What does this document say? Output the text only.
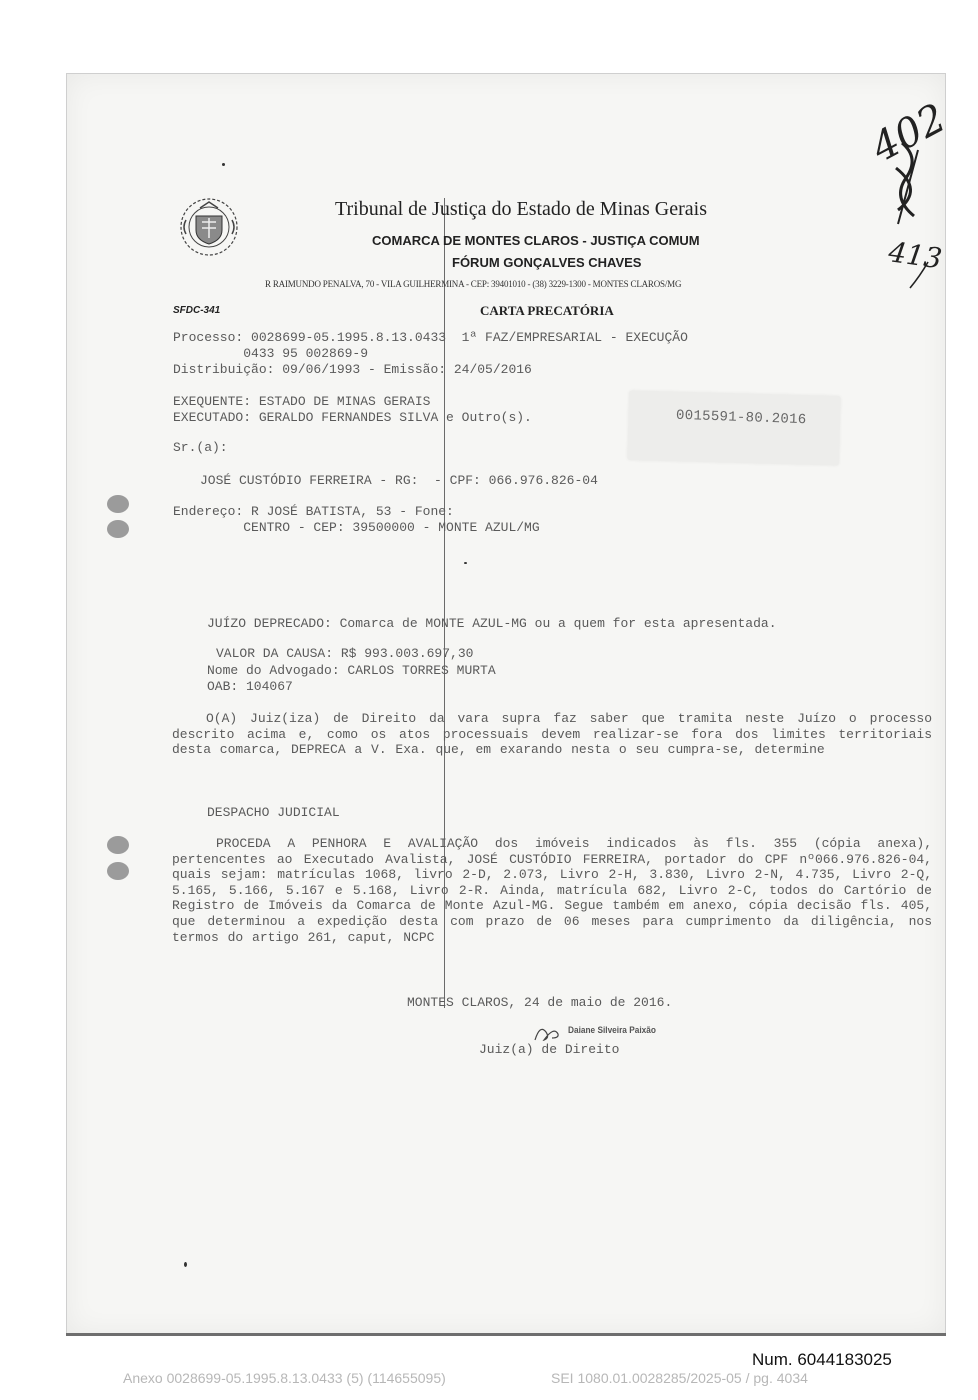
Tribunal de Justiça do Estado de Minas Gerais
COMARCA DE MONTES CLAROS - JUSTIÇA COMUM
FÓRUM GONÇALVES CHAVES
R RAIMUNDO PENALVA, 70 - VILA GUILHERMINA - CEP: 39401010 - (38) 3229-1300 - MONTES CLAROS/MG
SFDC-341	CARTA PRECATÓRIA
Processo: 0028699-05.1995.8.13.0433  1ª FAZ/EMPRESARIAL - EXECUÇÃO
0433 95 002869-9
Distribuição: 09/06/1993 - Emissão: 24/05/2016
EXEQUENTE: ESTADO DE MINAS GERAIS
EXECUTADO: GERALDO FERNANDES SILVA e Outro(s).	0015591-80.2016
Sr.(a):
JOSÉ CUSTÓDIO FERREIRA - RG:  - CPF: 066.976.826-04
Endereço: R JOSÉ BATISTA, 53 - Fone:
CENTRO - CEP: 39500000 - MONTE AZUL/MG
JUÍZO DEPRECADO: Comarca de MONTE AZUL-MG ou a quem for esta apresentada.
VALOR DA CAUSA: R$ 993.003.697,30
Nome do Advogado: CARLOS TORRES MURTA
OAB: 104067
O(A) Juiz(iza) de Direito da vara supra faz saber que tramita neste Juízo o processo descrito acima e, como os atos processuais devem realizar-se fora dos limites territoriais desta comarca, DEPRECA a V. Exa. que, em exarando nesta o seu cumpra-se, determine
DESPACHO JUDICIAL
PROCEDA A PENHORA E AVALIAÇÃO dos imóveis indicados às fls. 355 (cópia anexa), pertencentes ao Executado Avalista, JOSÉ CUSTÓDIO FERREIRA, portador do CPF nº066.976.826-04, quais sejam: matrículas 1068, livro 2-D, 2.073, Livro 2-H, 3.830, Livro 2-N, 4.735, Livro 2-Q, 5.165, 5.166, 5.167 e 5.168, Livro 2-R. Ainda, matrícula 682, Livro 2-C, todos do Cartório de Registro de Imóveis da Comarca de Monte Azul-MG. Segue também em anexo, cópia decisão fls. 405, que determinou a expedição desta com prazo de 06 meses para cumprimento da diligência, nos termos do artigo 261, caput, NCPC
MONTES CLAROS, 24 de maio de 2016.
Daiane Silveira Paixão
Juiz(a) de Direito
402
413
Num. 6044183025
Anexo 0028699-05.1995.8.13.0433 (5) (114655095)	SEI 1080.01.0028285/2025-05 / pg. 4034
